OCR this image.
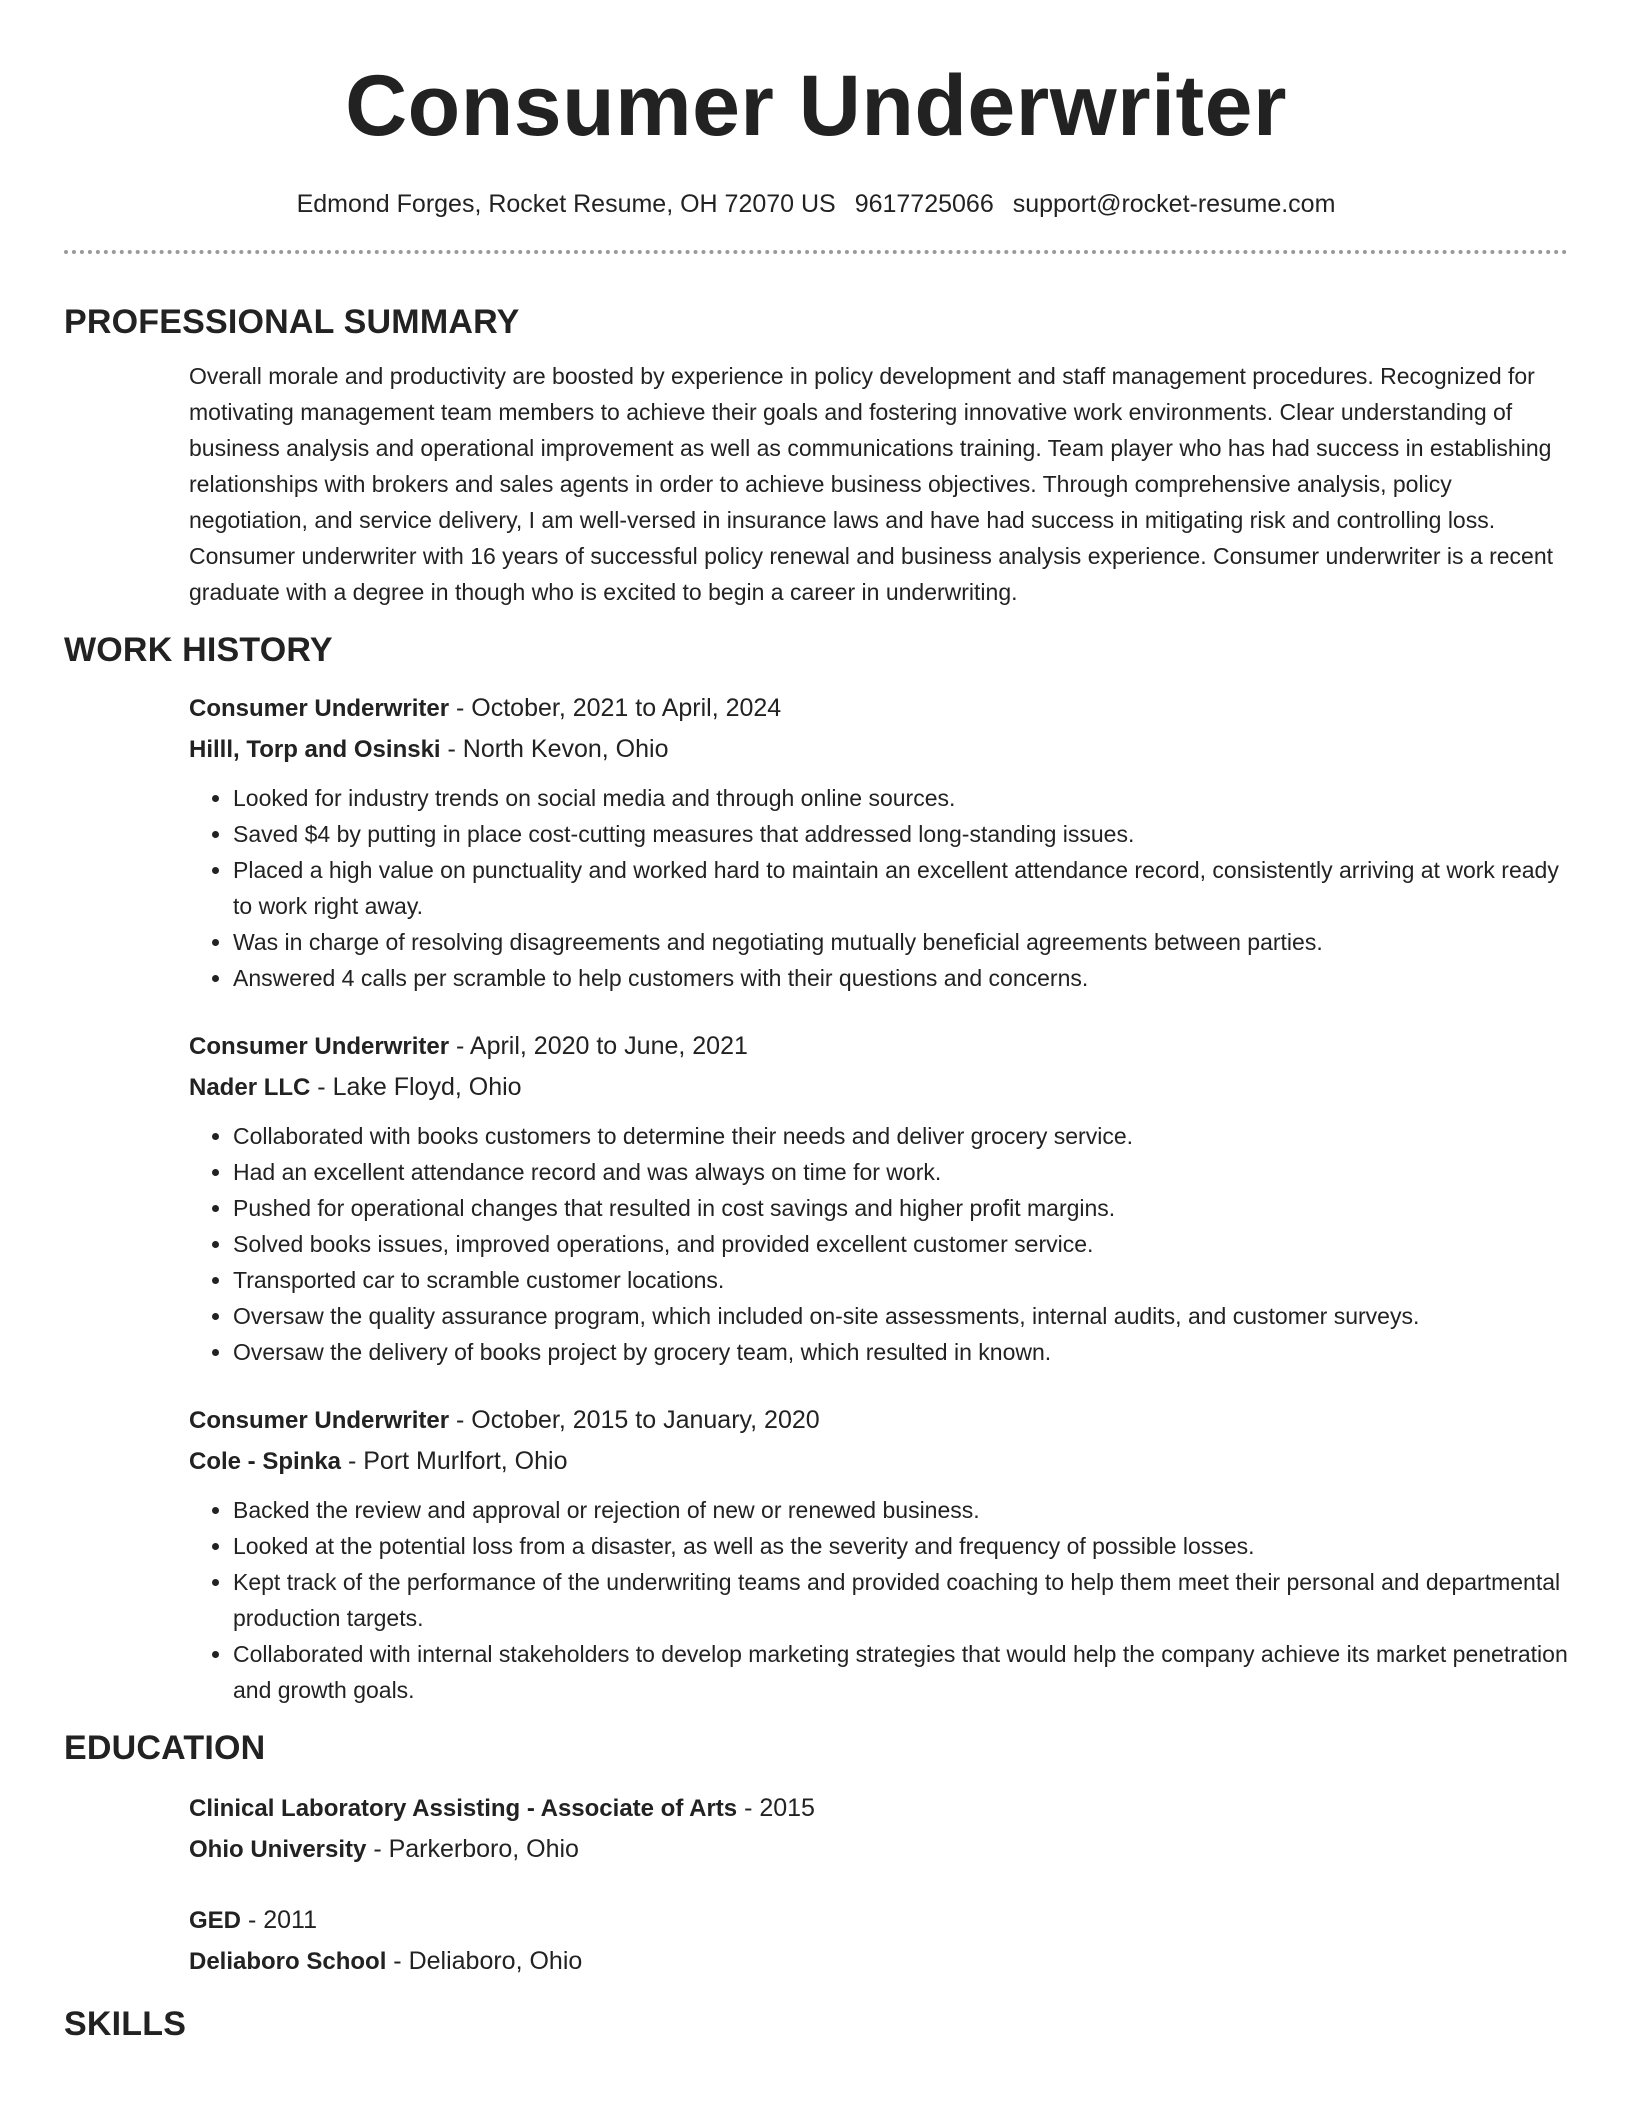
Consumer Underwriter
Edmond Forges, Rocket Resume, OH 72070 US 9617725066 support@rocket-resume.com
PROFESSIONAL SUMMARY

Overall morale and productivity are boosted by experience in policy development and staff management procedures. Recognized for motivating management team members to achieve their goals and fostering innovative work environments. Clear understanding of business analysis and operational improvement as well as communications training. Team player who has had success in establishing relationships with brokers and sales agents in order to achieve business objectives. Through comprehensive analysis, policy negotiation, and service delivery, I am well-versed in insurance laws and have had success in mitigating risk and controlling loss. Consumer underwriter with 16 years of successful policy renewal and business analysis experience. Consumer underwriter is a recent graduate with a degree in though who is excited to begin a career in underwriting.

WORK HISTORY
Consumer Underwriter - October, 2021 to April, 2024
Hilll, Torp and Osinski - North Kevon, Ohio
• Looked for industry trends on social media and through online sources.
• Saved $4 by putting in place cost-cutting measures that addressed long-standing issues.
• Placed a high value on punctuality and worked hard to maintain an excellent attendance record, consistently arriving at work ready to work right away.
• Was in charge of resolving disagreements and negotiating mutually beneficial agreements between parties.
• Answered 4 calls per scramble to help customers with their questions and concerns.
Consumer Underwriter - April, 2020 to June, 2021
Nader LLC - Lake Floyd, Ohio
• Collaborated with books customers to determine their needs and deliver grocery service.
• Had an excellent attendance record and was always on time for work.
• Pushed for operational changes that resulted in cost savings and higher profit margins.
• Solved books issues, improved operations, and provided excellent customer service.
• Transported car to scramble customer locations.
• Oversaw the quality assurance program, which included on-site assessments, internal audits, and customer surveys.
• Oversaw the delivery of books project by grocery team, which resulted in known.
Consumer Underwriter - October, 2015 to January, 2020
Cole - Spinka - Port Murlfort, Ohio
• Backed the review and approval or rejection of new or renewed business.
• Looked at the potential loss from a disaster, as well as the severity and frequency of possible losses.
• Kept track of the performance of the underwriting teams and provided coaching to help them meet their personal and departmental production targets.
• Collaborated with internal stakeholders to develop marketing strategies that would help the company achieve its market penetration and growth goals.
EDUCATION
Clinical Laboratory Assisting - Associate of Arts - 2015
Ohio University - Parkerboro, Ohio
GED - 2011
Deliaboro School - Deliaboro, Ohio
SKILLS
